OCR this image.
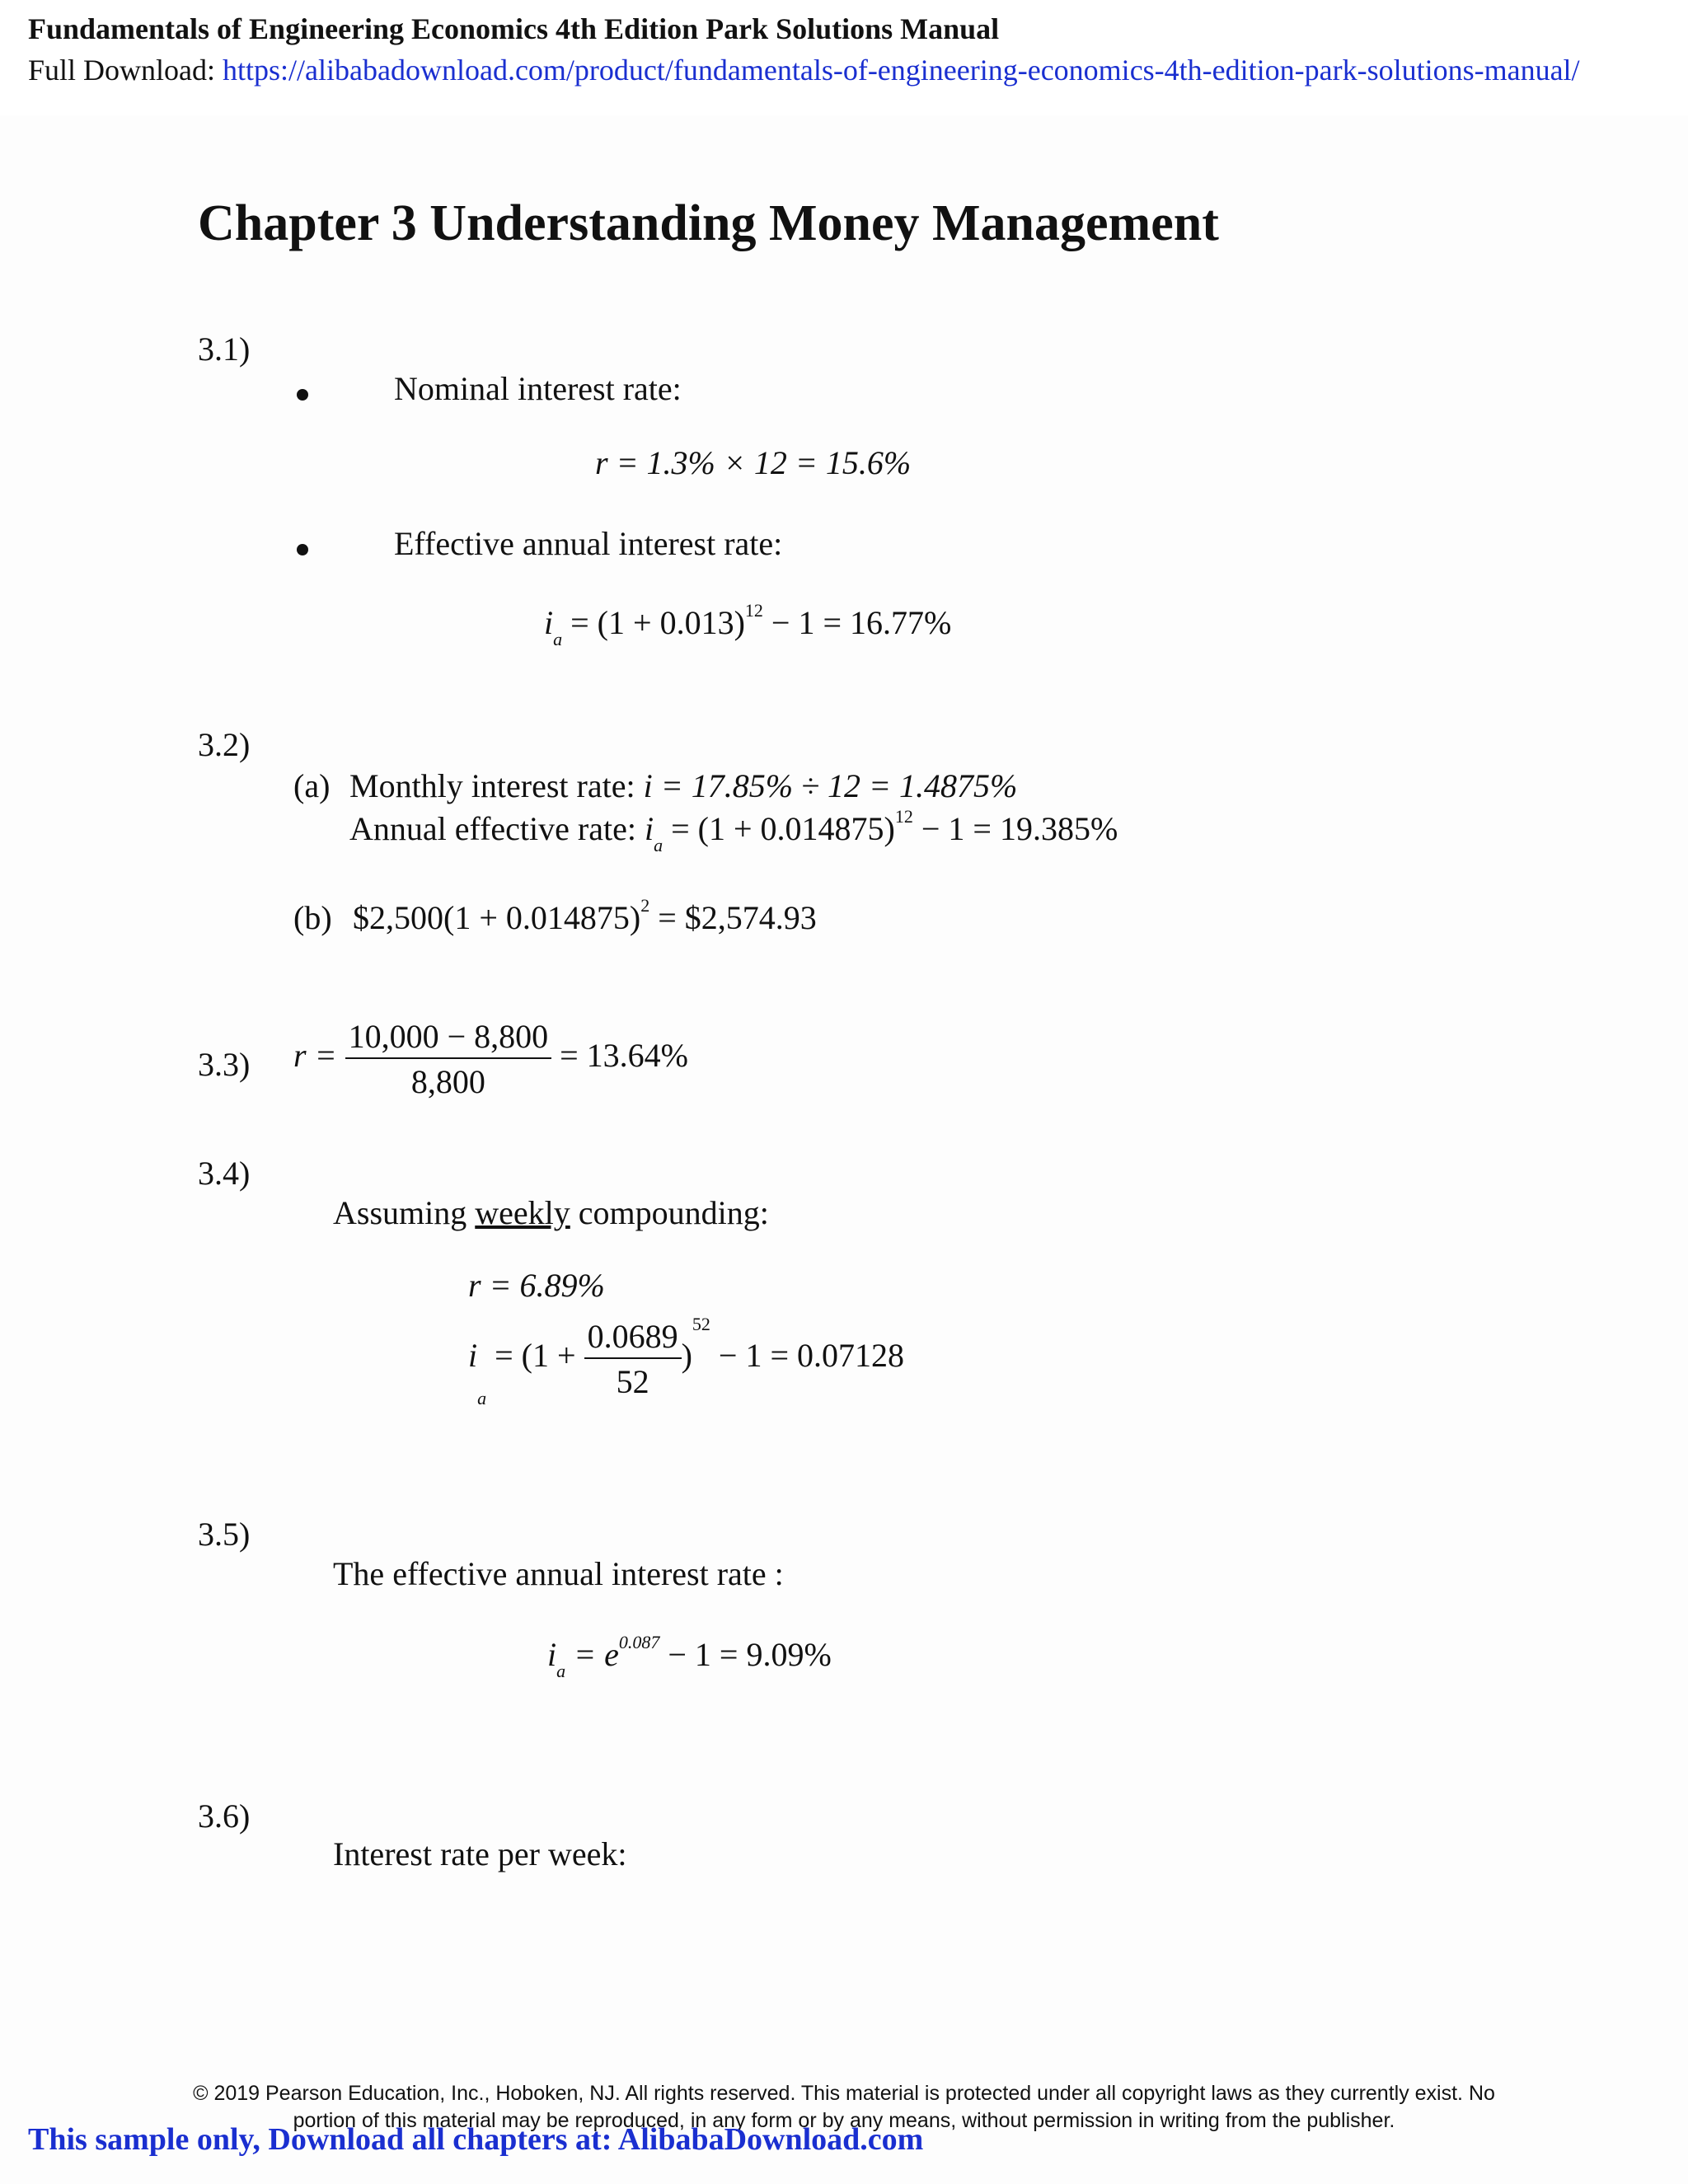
Fundamentals of Engineering Economics 4th Edition Park Solutions Manual
Full Download: https://alibabadownload.com/product/fundamentals-of-engineering-economics-4th-edition-park-solutions-manual/
Chapter 3 Understanding Money Management
3.1)
Nominal interest rate:
r = 1.3% × 12 = 15.6%
Effective annual interest rate:
$i_a = (1 + 0.013)^{12} - 1 = 16.77\%$
3.2)
(a) Monthly interest rate: i = 17.85% ÷ 12 = 1.4875%
Annual effective rate: $i_a = (1 + 0.014875)^{12} - 1 = 19.385\%$
(b) $2,500(1 + 0.014875)$^2$ = $2,574.93
3.3) $r = \frac{10,000 - 8,800}{8,800} = 13.64\%$
3.4)
Assuming weekly compounding:
r = 6.89%
$i_a = (1 + \frac{0.0689}{52} )^{52} - 1 = 0.07128$
3.5)
The effective annual interest rate :
$i_a = e^{0.087} - 1 = 9.09\%$
3.6)
Interest rate per week:
© 2019 Pearson Education, Inc., Hoboken, NJ. All rights reserved. This material is protected under all copyright laws as they currently exist. No portion of this material may be reproduced, in any form or by any means, without permission in writing from the publisher.
This sample only, Download all chapters at: AlibabaDownload.com
